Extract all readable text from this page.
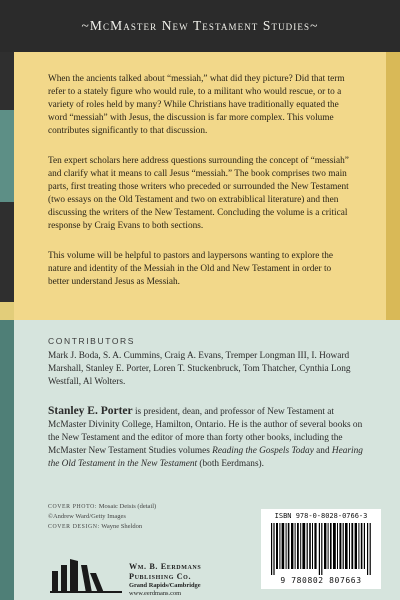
~McMaster New Testament Studies~

When the ancients talked about “messiah,” what did they picture? Did that term refer to a stately figure who would rule, to a militant who would rescue, or to a variety of roles held by many? While Christians have traditionally equated the word “messiah” with Jesus, the discussion is far more complex. This volume contributes significantly to that discussion.

Ten expert scholars here address questions surrounding the concept of “messiah” and clarify what it means to call Jesus “messiah.” The book comprises two main parts, first treating those writers who preceded or surrounded the New Testament (two essays on the Old Testament and two on extrabiblical literature) and then discussing the writers of the New Testament. Concluding the volume is a critical response by Craig Evans to both sections.

This volume will be helpful to pastors and laypersons wanting to explore the nature and identity of the Messiah in the Old and New Testament in order to better understand Jesus as Messiah.

CONTRIBUTORS
Mark J. Boda, S. A. Cummins, Craig A. Evans, Tremper Longman III, I. Howard Marshall, Stanley E. Porter, Loren T. Stuckenbruck, Tom Thatcher, Cynthia Long Westfall, Al Wolters.

Stanley E. Porter is president, dean, and professor of New Testament at McMaster Divinity College, Hamilton, Ontario. He is the author of several books on the New Testament and the editor of more than forty other books, including the McMaster New Testament Studies volumes Reading the Gospels Today and Hearing the Old Testament in the New Testament (both Eerdmans).

COVER PHOTO: Mosaic Deisis (detail)
©Andrew Ward/Getty Images
COVER DESIGN: Wayne Sheldon
Wm. B. Eerdmans
Publishing Co.
Grand Rapids/Cambridge
www.eerdmans.com
ISBN 978-0-8028-0766-3
9 780802 807663
